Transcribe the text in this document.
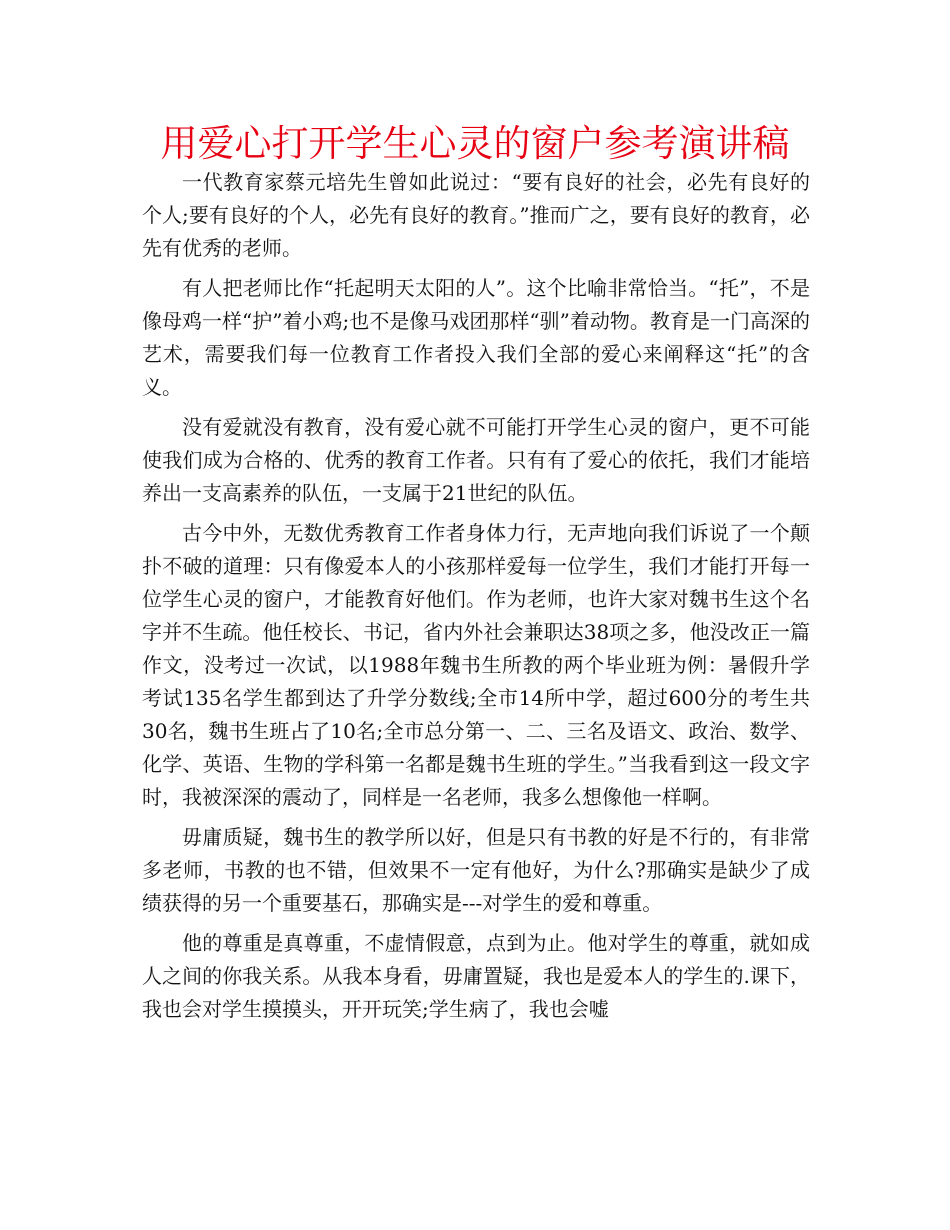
用爱心打开学生心灵的窗户参考演讲稿

一代教育家蔡元培先生曾如此说过：“要有良好的社会，必先有良好的个人;要有良好的个人，必先有良好的教育。”推而广之，要有良好的教育，必先有优秀的老师。

有人把老师比作“托起明天太阳的人”。这个比喻非常恰当。“托”，不是像母鸡一样“护”着小鸡;也不是像马戏团那样“驯”着动物。教育是一门高深的艺术，需要我们每一位教育工作者投入我们全部的爱心来阐释这“托”的含义。

没有爱就没有教育，没有爱心就不可能打开学生心灵的窗户，更不可能使我们成为合格的、优秀的教育工作者。只有有了爱心的依托，我们才能培养出一支高素养的队伍，一支属于21世纪的队伍。

古今中外，无数优秀教育工作者身体力行，无声地向我们诉说了一个颠扑不破的道理：只有像爱本人的小孩那样爱每一位学生，我们才能打开每一位学生心灵的窗户，才能教育好他们。作为老师，也许大家对魏书生这个名字并不生疏。他任校长、书记，省内外社会兼职达38项之多，他没改正一篇作文，没考过一次试，以1988年魏书生所教的两个毕业班为例：暑假升学考试135名学生都到达了升学分数线;全市14所中学，超过600分的考生共30名，魏书生班占了10名;全市总分第一、二、三名及语文、政治、数学、化学、英语、生物的学科第一名都是魏书生班的学生。”当我看到这一段文字时，我被深深的震动了，同样是一名老师，我多么想像他一样啊。

毋庸质疑，魏书生的教学所以好，但是只有书教的好是不行的，有非常多老师，书教的也不错，但效果不一定有他好，为什么?那确实是缺少了成绩获得的另一个重要基石，那确实是---对学生的爱和尊重。

他的尊重是真尊重，不虚情假意，点到为止。他对学生的尊重，就如成人之间的你我关系。从我本身看，毋庸置疑，我也是爱本人的学生的.课下，我也会对学生摸摸头，开开玩笑;学生病了，我也会嘘
